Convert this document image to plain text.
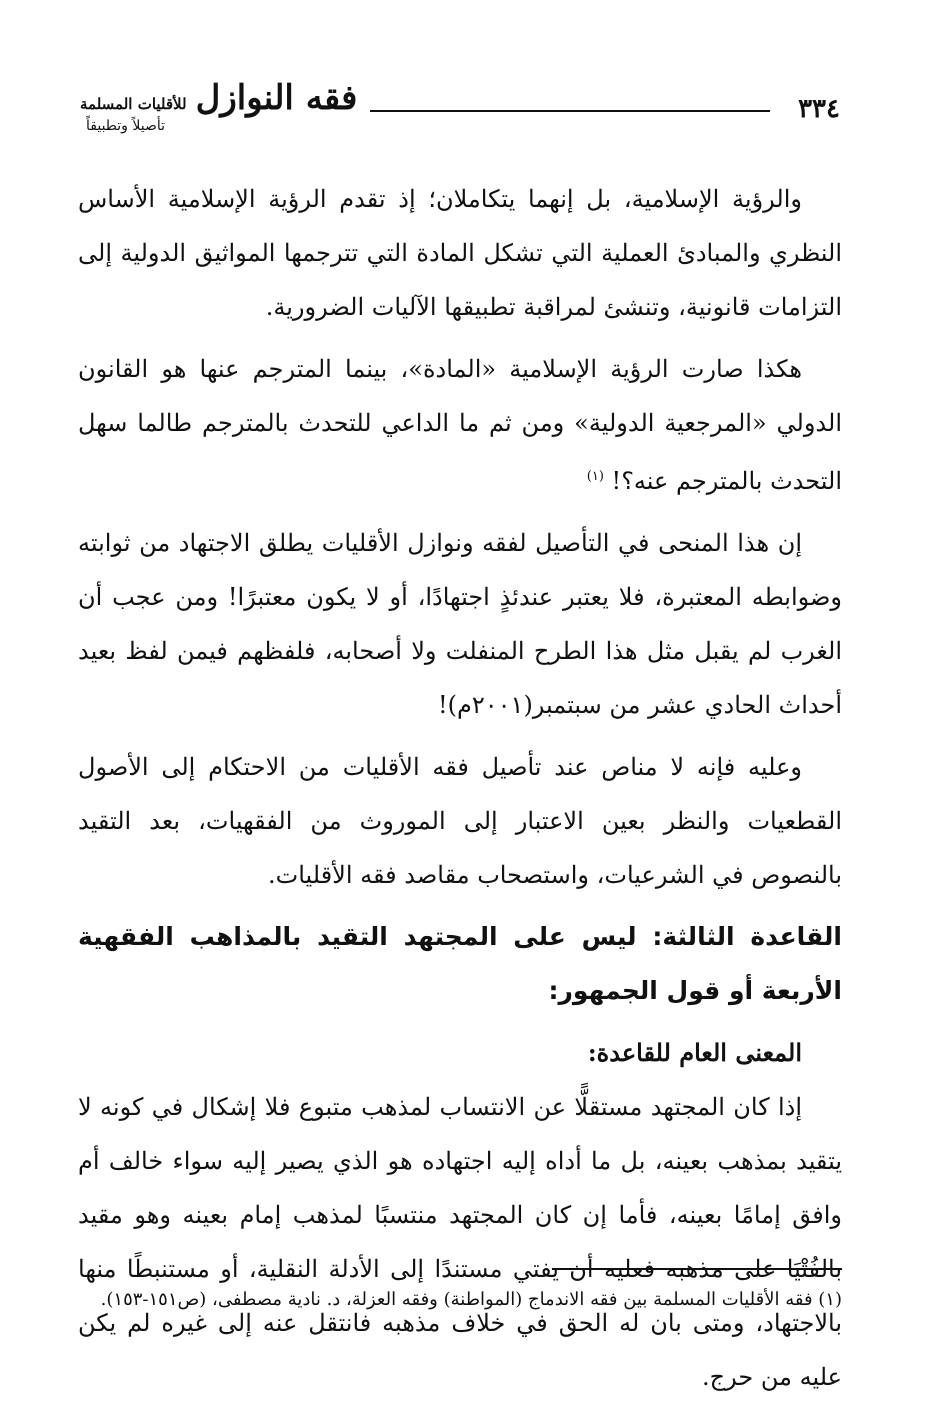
فقه النوازل للأقليات المسلمة
تأصيلاً وتطبيقاً
٣٣٤

والرؤية الإسلامية، بل إنهما يتكاملان؛ إذ تقدم الرؤية الإسلامية الأساس النظري والمبادئ العملية التي تشكل المادة التي تترجمها المواثيق الدولية إلى التزامات قانونية، وتنشئ لمراقبة تطبيقها الآليات الضرورية.

هكذا صارت الرؤية الإسلامية «المادة»، بينما المترجم عنها هو القانون الدولي «المرجعية الدولية» ومن ثم ما الداعي للتحدث بالمترجم طالما سهل التحدث بالمترجم عنه؟! $^{(١)}$

إن هذا المنحى في التأصيل لفقه ونوازل الأقليات يطلق الاجتهاد من ثوابته وضوابطه المعتبرة، فلا يعتبر عندئذٍ اجتهادًا، أو لا يكون معتبرًا! ومن عجب أن الغرب لم يقبل مثل هذا الطرح المنفلت ولا أصحابه، فلفظهم فيمن لفظ بعيد أحداث الحادي عشر من سبتمبر(٢٠٠١م)!

وعليه فإنه لا مناص عند تأصيل فقه الأقليات من الاحتكام إلى الأصول القطعيات والنظر بعين الاعتبار إلى الموروث من الفقهيات، بعد التقيد بالنصوص في الشرعيات، واستصحاب مقاصد فقه الأقليات.

القاعدة الثالثة: ليس على المجتهد التقيد بالمذاهب الفقهية الأربعة أو قول الجمهور:

المعنى العام للقاعدة:

إذا كان المجتهد مستقلًّا عن الانتساب لمذهب متبوع فلا إشكال في كونه لا يتقيد بمذهب بعينه، بل ما أداه إليه اجتهاده هو الذي يصير إليه سواء خالف أم وافق إمامًا بعينه، فأما إن كان المجتهد منتسبًا لمذهب إمام بعينه وهو مقيد بالفُتْيَا على مذهبه فعليه أن يفتي مستندًا إلى الأدلة النقلية، أو مستنبطًا منها بالاجتهاد، ومتى بان له الحق في خلاف مذهبه فانتقل عنه إلى غيره لم يكن عليه من حرج.

(١) فقه الأقليات المسلمة بين فقه الاندماج (المواطنة) وفقه العزلة، د. نادية مصطفى، (ص١٥١-١٥٣).
